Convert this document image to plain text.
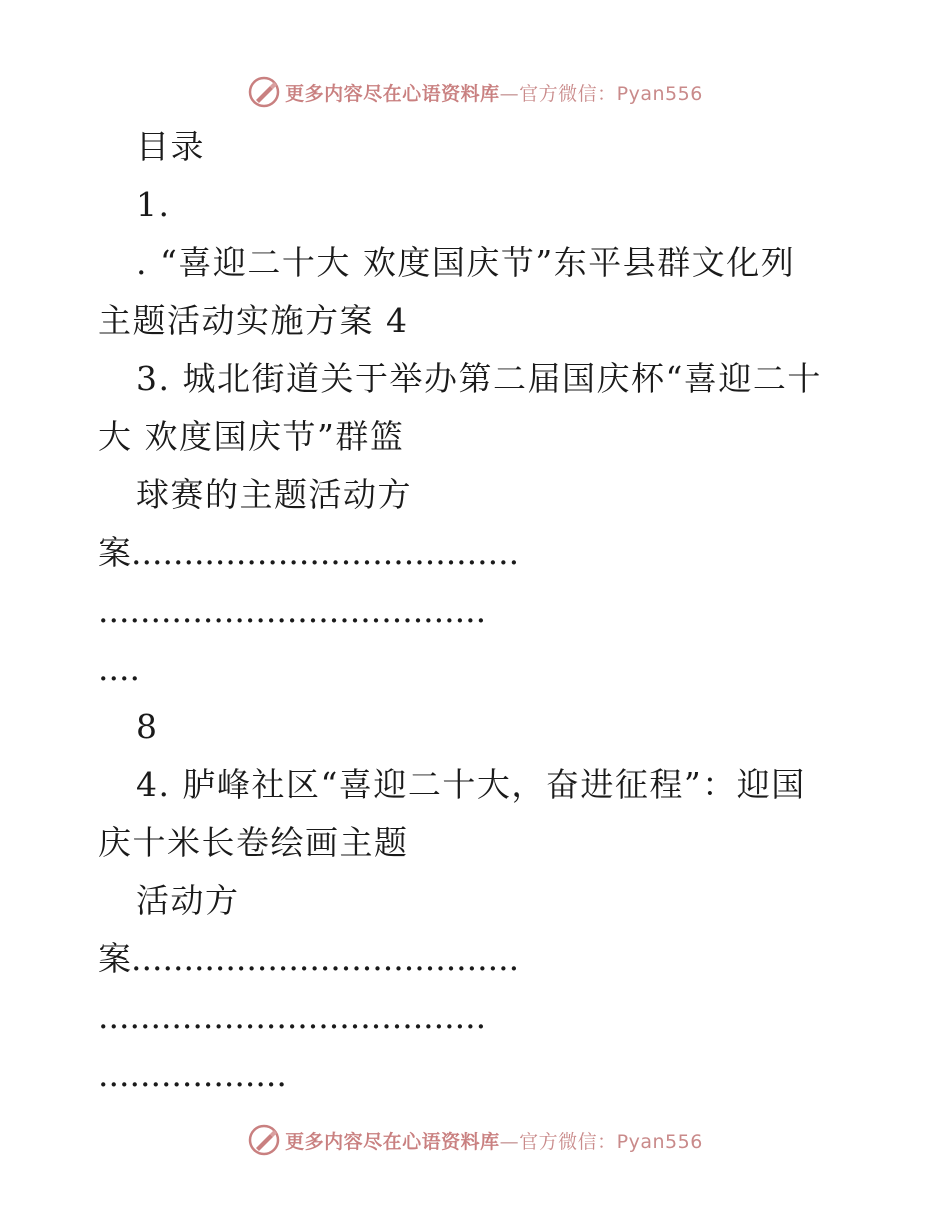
更多内容尽在心语资料库—官方微信：Pyan556
目录
1.
. “喜迎二十大 欢度国庆节”东平县群文化列
主题活动实施方案 4
3. 城北街道关于举办第二届国庆杯“喜迎二十
大 欢度国庆节”群篮
球赛的主题活动方
案.....................................
.....................................
....
8
4. 胪峰社区“喜迎二十大，奋进征程”：迎国
庆十米长卷绘画主题
活动方
案.....................................
.....................................
..................
更多内容尽在心语资料库—官方微信：Pyan556
